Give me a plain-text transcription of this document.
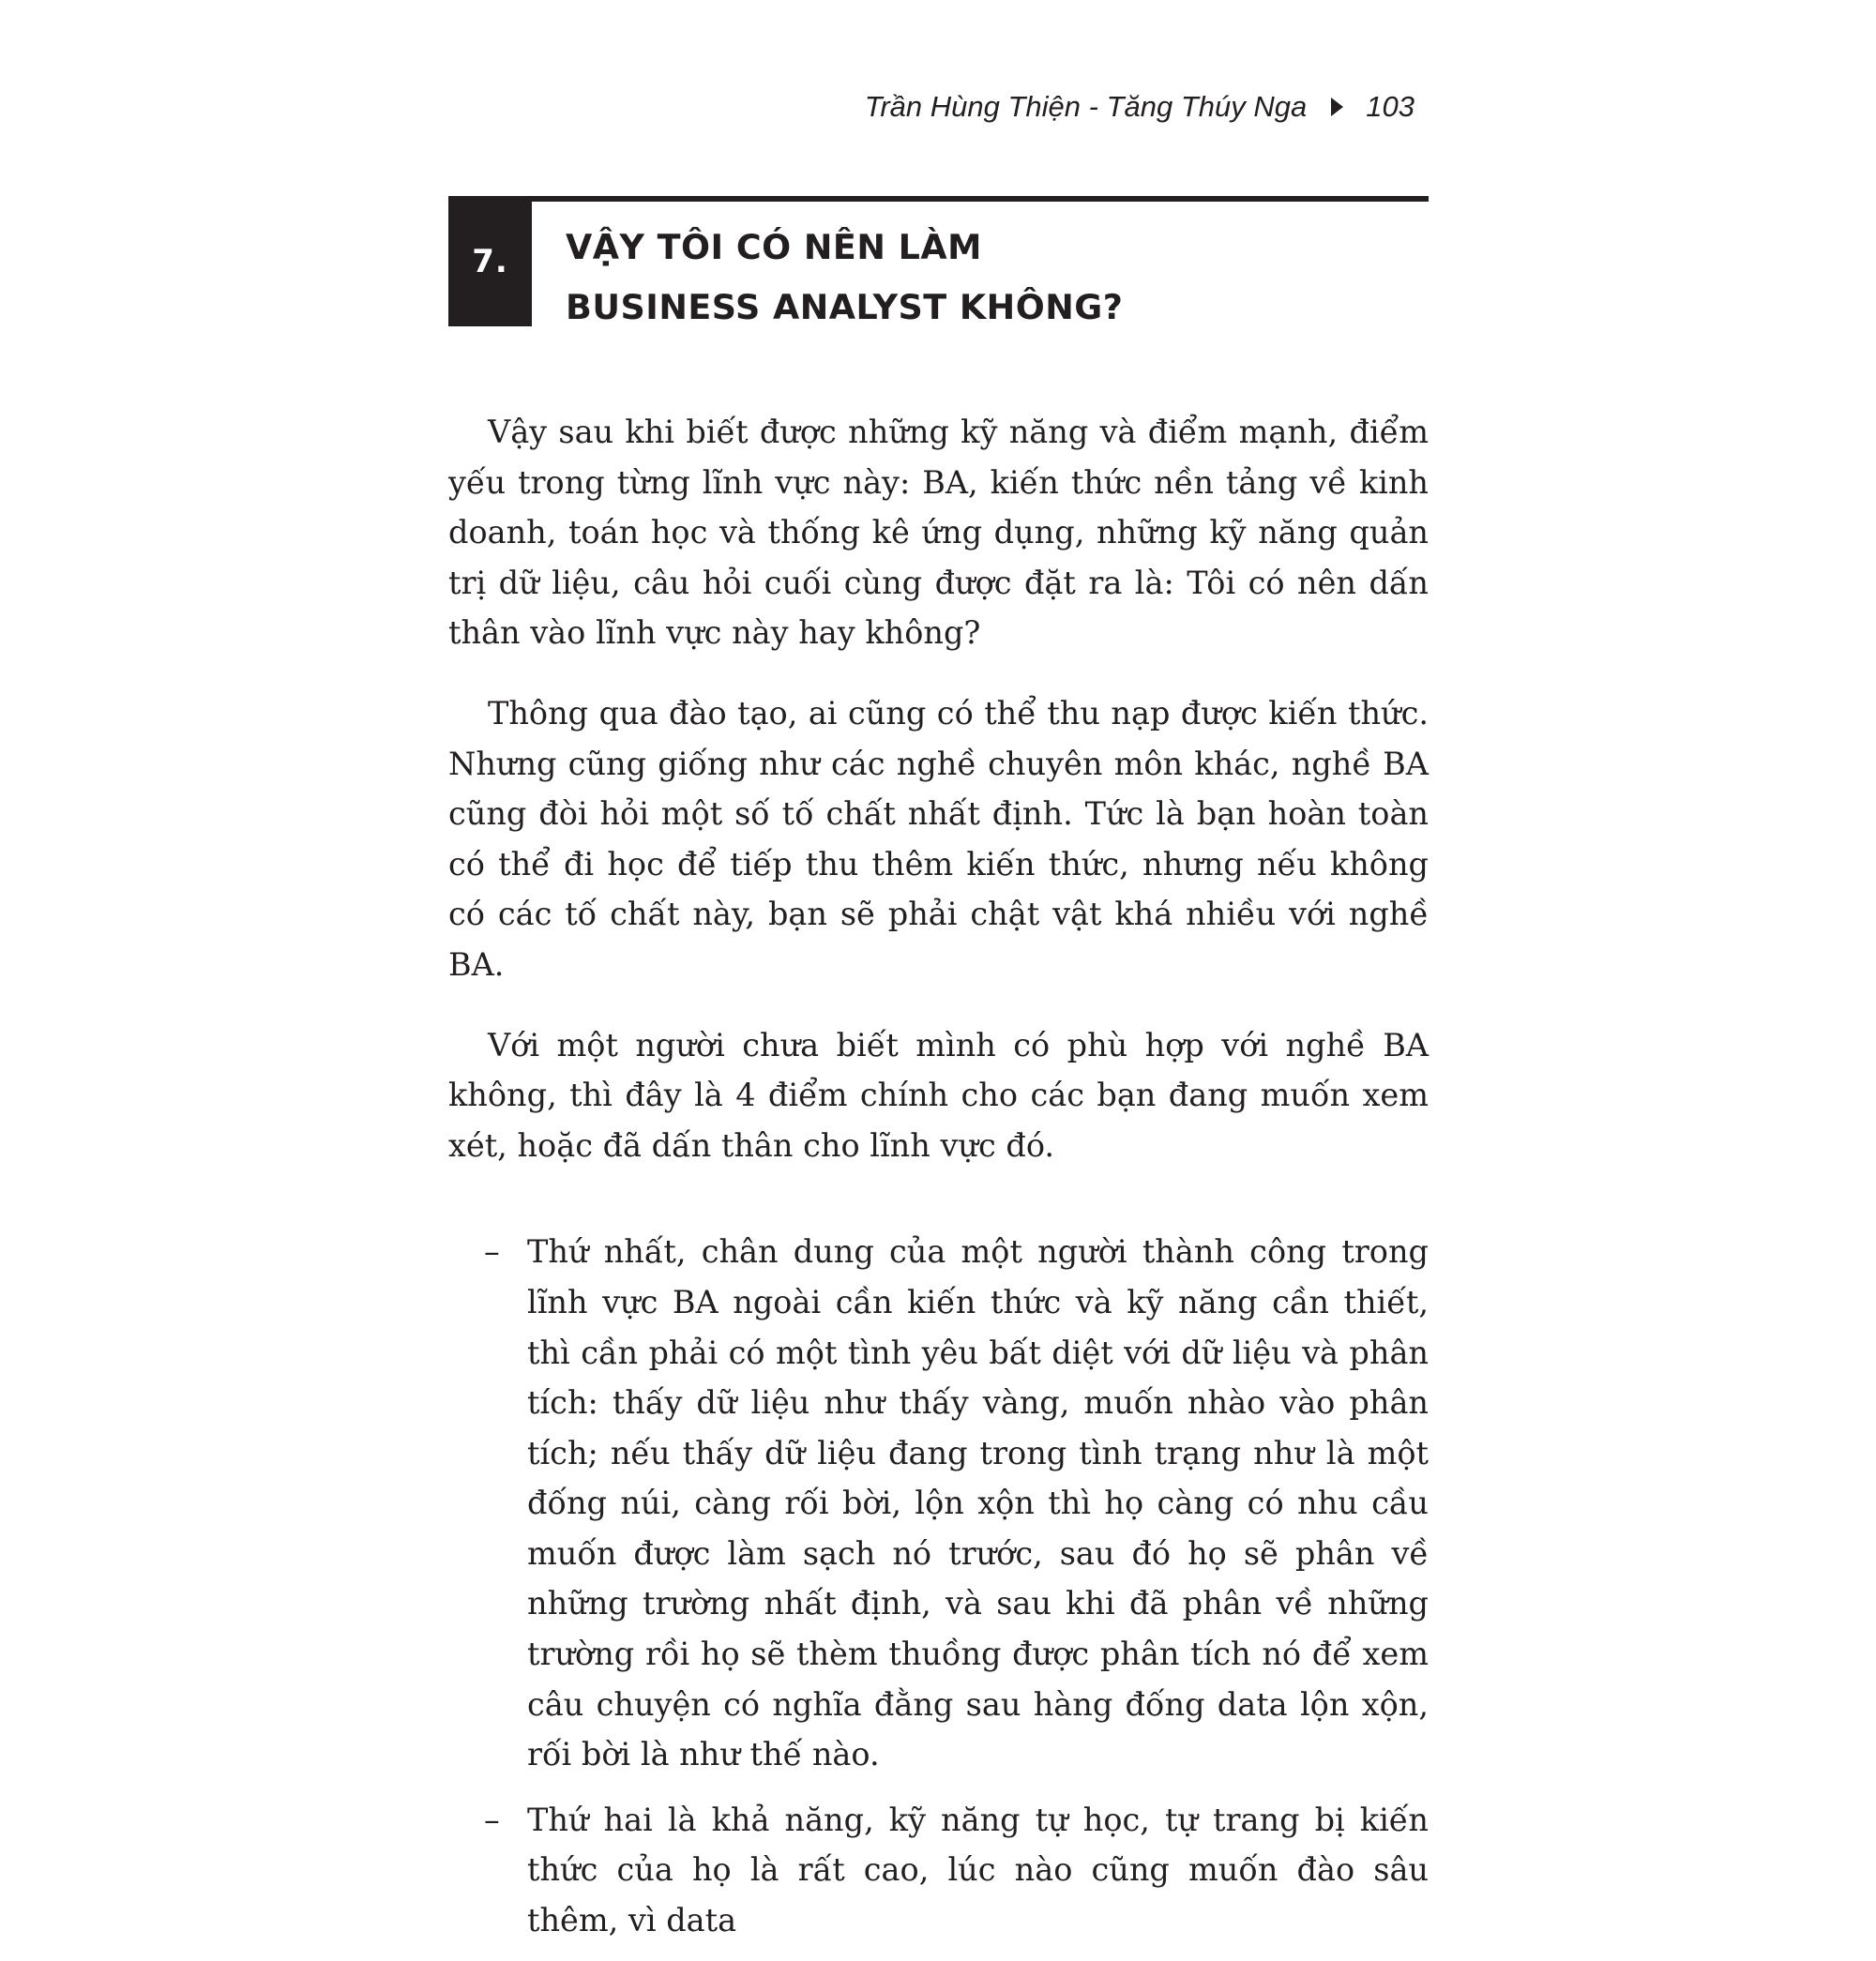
Trần Hùng Thiện - Tăng Thúy Nga 103
7. VẬY TÔI CÓ NÊN LÀM
BUSINESS ANALYST KHÔNG?

Vậy sau khi biết được những kỹ năng và điểm mạnh, điểm yếu trong từng lĩnh vực này: BA, kiến thức nền tảng về kinh doanh, toán học và thống kê ứng dụng, những kỹ năng quản trị dữ liệu, câu hỏi cuối cùng được đặt ra là: Tôi có nên dấn thân vào lĩnh vực này hay không?

Thông qua đào tạo, ai cũng có thể thu nạp được kiến thức. Nhưng cũng giống như các nghề chuyên môn khác, nghề BA cũng đòi hỏi một số tố chất nhất định. Tức là bạn hoàn toàn có thể đi học để tiếp thu thêm kiến thức, nhưng nếu không có các tố chất này, bạn sẽ phải chật vật khá nhiều với nghề BA.

Với một người chưa biết mình có phù hợp với nghề BA không, thì đây là 4 điểm chính cho các bạn đang muốn xem xét, hoặc đã dấn thân cho lĩnh vực đó.

– Thứ nhất, chân dung của một người thành công trong lĩnh vực BA ngoài cần kiến thức và kỹ năng cần thiết, thì cần phải có một tình yêu bất diệt với dữ liệu và phân tích: thấy dữ liệu như thấy vàng, muốn nhào vào phân tích; nếu thấy dữ liệu đang trong tình trạng như là một đống núi, càng rối bời, lộn xộn thì họ càng có nhu cầu muốn được làm sạch nó trước, sau đó họ sẽ phân về những trường nhất định, và sau khi đã phân về những trường rồi họ sẽ thèm thuồng được phân tích nó để xem câu chuyện có nghĩa đằng sau hàng đống data lộn xộn, rối bời là như thế nào.
– Thứ hai là khả năng, kỹ năng tự học, tự trang bị kiến thức của họ là rất cao, lúc nào cũng muốn đào sâu thêm, vì data
